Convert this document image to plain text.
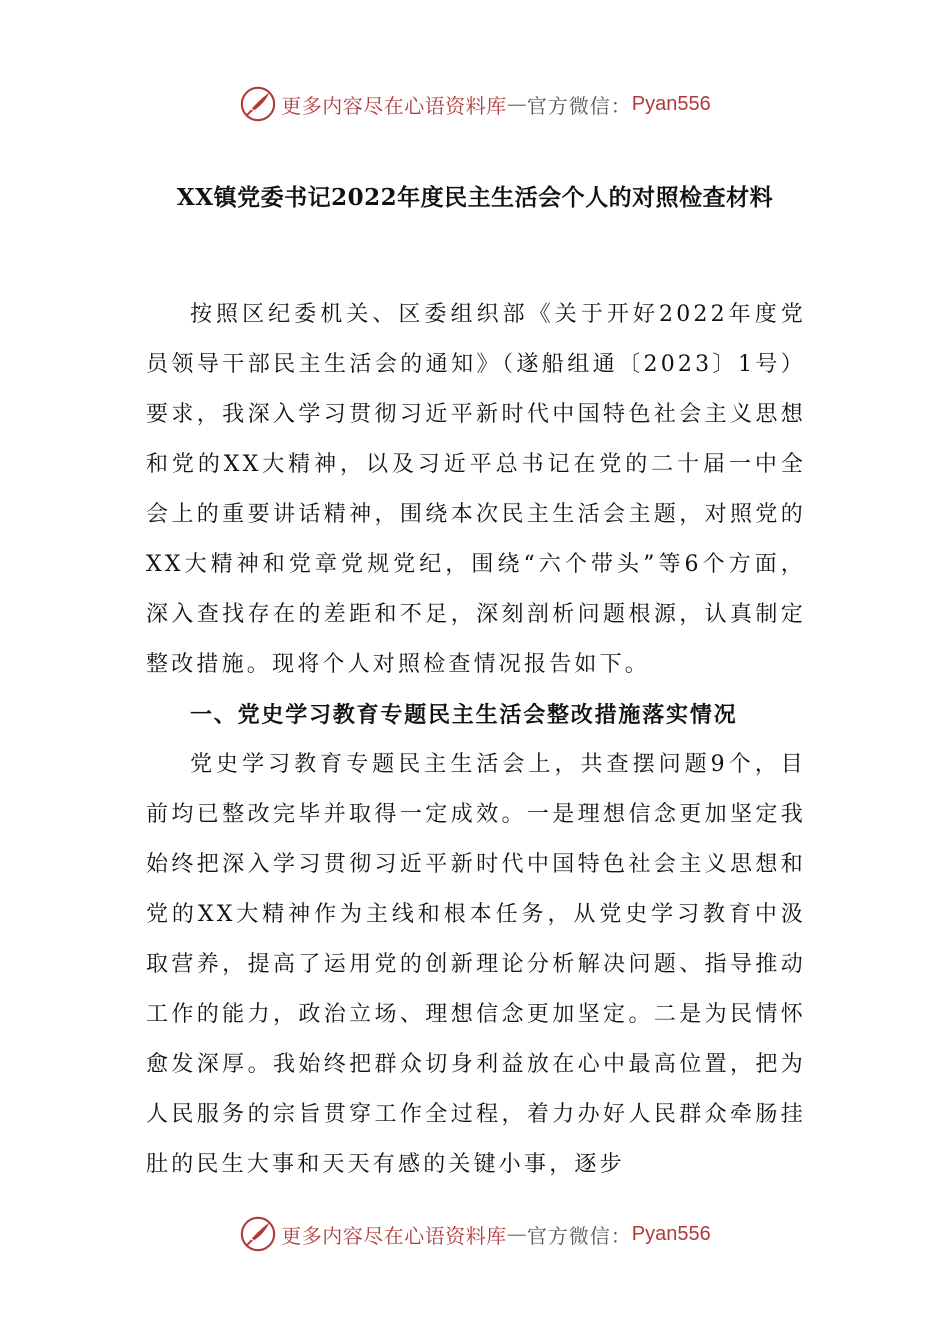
更多内容尽在心语资料库 — 官方微信： Pyan556
XX镇党委书记2022年度民主生活会个人的对照检查材料

按照区纪委机关、区委组织部《关于开好2022年度党员领导干部民主生活会的通知》（遂船组通〔2023〕1号）要求，我深入学习贯彻习近平新时代中国特色社会主义思想和党的XX大精神，以及习近平总书记在党的二十届一中全会上的重要讲话精神，围绕本次民主生活会主题，对照党的XX大精神和党章党规党纪，围绕“六个带头”等6个方面，深入查找存在的差距和不足，深刻剖析问题根源，认真制定整改措施。现将个人对照检查情况报告如下。

一、党史学习教育专题民主生活会整改措施落实情况

党史学习教育专题民主生活会上，共查摆问题9个，目前均已整改完毕并取得一定成效。一是理想信念更加坚定我始终把深入学习贯彻习近平新时代中国特色社会主义思想和党的XX大精神作为主线和根本任务，从党史学习教育中汲取营养，提高了运用党的创新理论分析解决问题、指导推动工作的能力，政治立场、理想信念更加坚定。二是为民情怀愈发深厚。我始终把群众切身利益放在心中最高位置，把为人民服务的宗旨贯穿工作全过程，着力办好人民群众牵肠挂肚的民生大事和天天有感的关键小事，逐步

更多内容尽在心语资料库 — 官方微信： Pyan556
